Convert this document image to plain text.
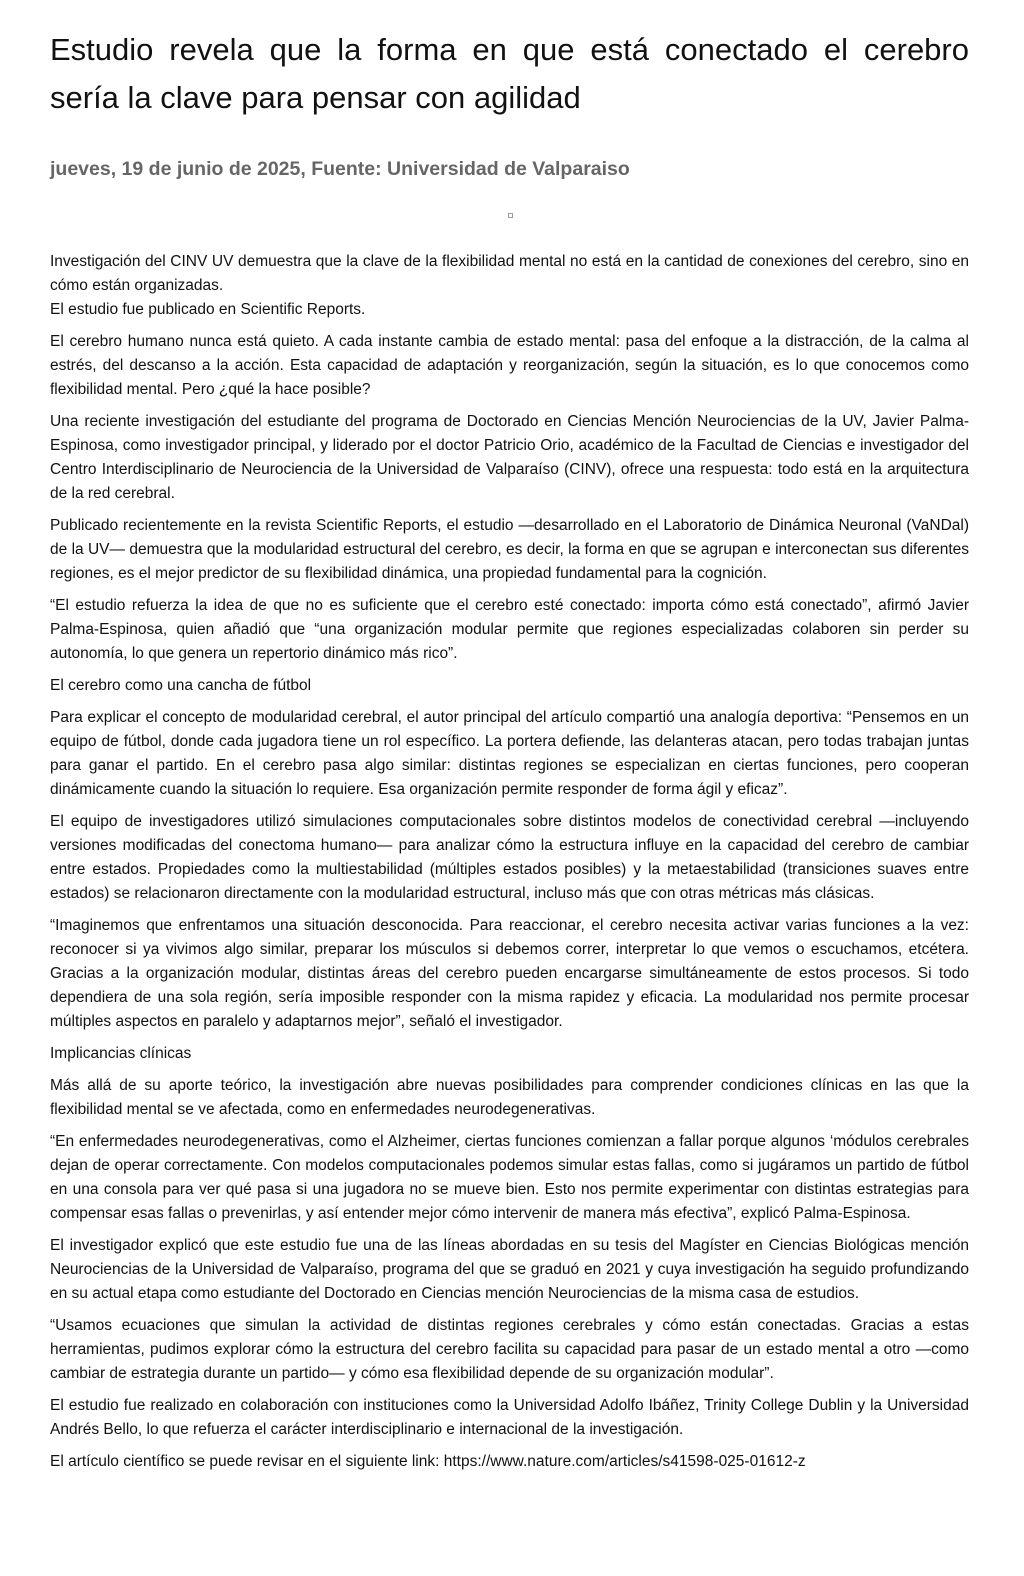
Estudio revela que la forma en que está conectado el cerebro sería la clave para pensar con agilidad
jueves, 19 de junio de 2025, Fuente: Universidad de Valparaiso

Investigación del CINV UV demuestra que la clave de la flexibilidad mental no está en la cantidad de conexiones del cerebro, sino en cómo están organizadas.
El estudio fue publicado en Scientific Reports.

El cerebro humano nunca está quieto. A cada instante cambia de estado mental: pasa del enfoque a la distracción, de la calma al estrés, del descanso a la acción. Esta capacidad de adaptación y reorganización, según la situación, es lo que conocemos como flexibilidad mental. Pero ¿qué la hace posible?

Una reciente investigación del estudiante del programa de Doctorado en Ciencias Mención Neurociencias de la UV, Javier Palma-Espinosa, como investigador principal, y liderado por el doctor Patricio Orio, académico de la Facultad de Ciencias e investigador del Centro Interdisciplinario de Neurociencia de la Universidad de Valparaíso (CINV), ofrece una respuesta: todo está en la arquitectura de la red cerebral.

Publicado recientemente en la revista Scientific Reports, el estudio —desarrollado en el Laboratorio de Dinámica Neuronal (VaNDal) de la UV— demuestra que la modularidad estructural del cerebro, es decir, la forma en que se agrupan e interconectan sus diferentes regiones, es el mejor predictor de su flexibilidad dinámica, una propiedad fundamental para la cognición.

“El estudio refuerza la idea de que no es suficiente que el cerebro esté conectado: importa cómo está conectado”, afirmó Javier Palma-Espinosa, quien añadió que “una organización modular permite que regiones especializadas colaboren sin perder su autonomía, lo que genera un repertorio dinámico más rico”.

El cerebro como una cancha de fútbol

Para explicar el concepto de modularidad cerebral, el autor principal del artículo compartió una analogía deportiva: “Pensemos en un equipo de fútbol, donde cada jugadora tiene un rol específico. La portera defiende, las delanteras atacan, pero todas trabajan juntas para ganar el partido. En el cerebro pasa algo similar: distintas regiones se especializan en ciertas funciones, pero cooperan dinámicamente cuando la situación lo requiere. Esa organización permite responder de forma ágil y eficaz”.

El equipo de investigadores utilizó simulaciones computacionales sobre distintos modelos de conectividad cerebral —incluyendo versiones modificadas del conectoma humano— para analizar cómo la estructura influye en la capacidad del cerebro de cambiar entre estados. Propiedades como la multiestabilidad (múltiples estados posibles) y la metaestabilidad (transiciones suaves entre estados) se relacionaron directamente con la modularidad estructural, incluso más que con otras métricas más clásicas.

“Imaginemos que enfrentamos una situación desconocida. Para reaccionar, el cerebro necesita activar varias funciones a la vez: reconocer si ya vivimos algo similar, preparar los músculos si debemos correr, interpretar lo que vemos o escuchamos, etcétera. Gracias a la organización modular, distintas áreas del cerebro pueden encargarse simultáneamente de estos procesos. Si todo dependiera de una sola región, sería imposible responder con la misma rapidez y eficacia. La modularidad nos permite procesar múltiples aspectos en paralelo y adaptarnos mejor”, señaló el investigador.

Implicancias clínicas

Más allá de su aporte teórico, la investigación abre nuevas posibilidades para comprender condiciones clínicas en las que la flexibilidad mental se ve afectada, como en enfermedades neurodegenerativas.

“En enfermedades neurodegenerativas, como el Alzheimer, ciertas funciones comienzan a fallar porque algunos ‘módulos cerebrales dejan de operar correctamente. Con modelos computacionales podemos simular estas fallas, como si jugáramos un partido de fútbol en una consola para ver qué pasa si una jugadora no se mueve bien. Esto nos permite experimentar con distintas estrategias para compensar esas fallas o prevenirlas, y así entender mejor cómo intervenir de manera más efectiva”, explicó Palma-Espinosa.

El investigador explicó que este estudio fue una de las líneas abordadas en su tesis del Magíster en Ciencias Biológicas mención Neurociencias de la Universidad de Valparaíso, programa del que se graduó en 2021 y cuya investigación ha seguido profundizando en su actual etapa como estudiante del Doctorado en Ciencias mención Neurociencias de la misma casa de estudios.

“Usamos ecuaciones que simulan la actividad de distintas regiones cerebrales y cómo están conectadas. Gracias a estas herramientas, pudimos explorar cómo la estructura del cerebro facilita su capacidad para pasar de un estado mental a otro —como cambiar de estrategia durante un partido— y cómo esa flexibilidad depende de su organización modular”.

El estudio fue realizado en colaboración con instituciones como la Universidad Adolfo Ibáñez, Trinity College Dublin y la Universidad Andrés Bello, lo que refuerza el carácter interdisciplinario e internacional de la investigación.

El artículo científico se puede revisar en el siguiente link: https://www.nature.com/articles/s41598-025-01612-z
